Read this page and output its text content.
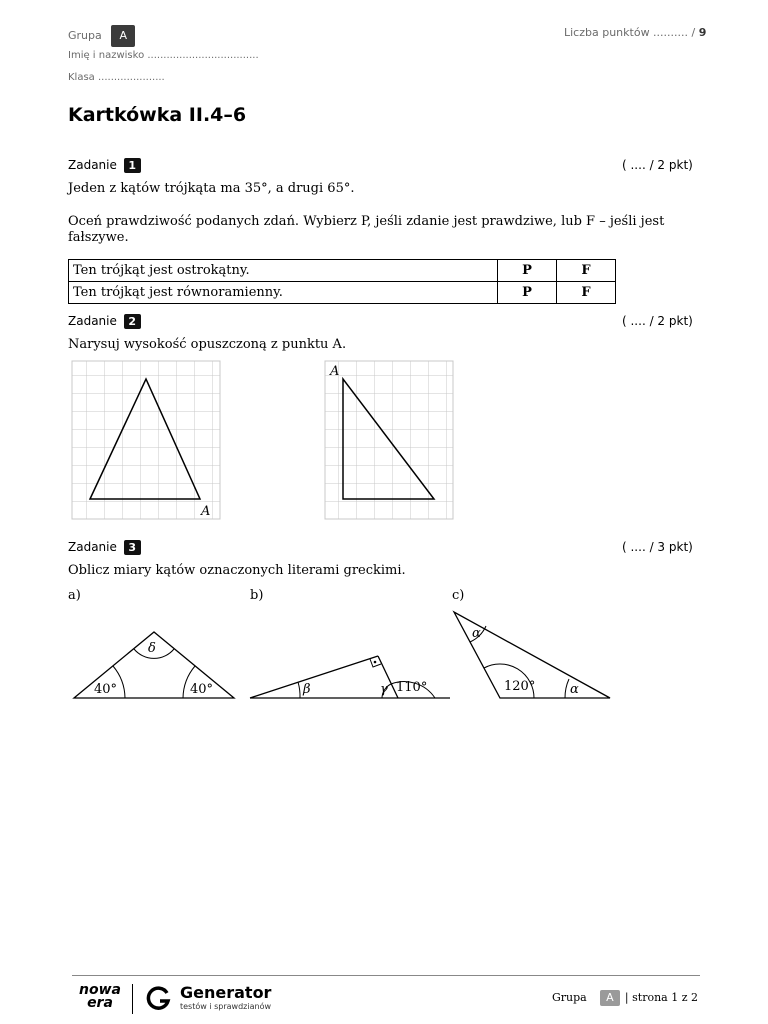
Grupa A
Imię i nazwisko ...................................
Klasa .....................
Liczba punktów .......... / 9
Kartkówka II.4–6
Zadanie 1	( .... / 2 pkt)
Jeden z kątów trójkąta ma 35°, a drugi 65°.
Oceń prawdziwość podanych zdań. Wybierz P, jeśli zdanie jest prawdziwe, lub F – jeśli jest fałszywe.
Ten trójkąt jest ostrokątny.	P	F
Ten trójkąt jest równoramienny.	P	F
Zadanie 2	( .... / 2 pkt)
Narysuj wysokość opuszczoną z punktu A.
A
A
Zadanie 3	( .... / 3 pkt)
Oblicz miary kątów oznaczonych literami greckimi.
a)	b)	c)
δ
40°	40°	β	γ 110°
α
120°	α
nowa
era
Generator
testów i sprawdzianów
Grupa A | strona 1 z 2
